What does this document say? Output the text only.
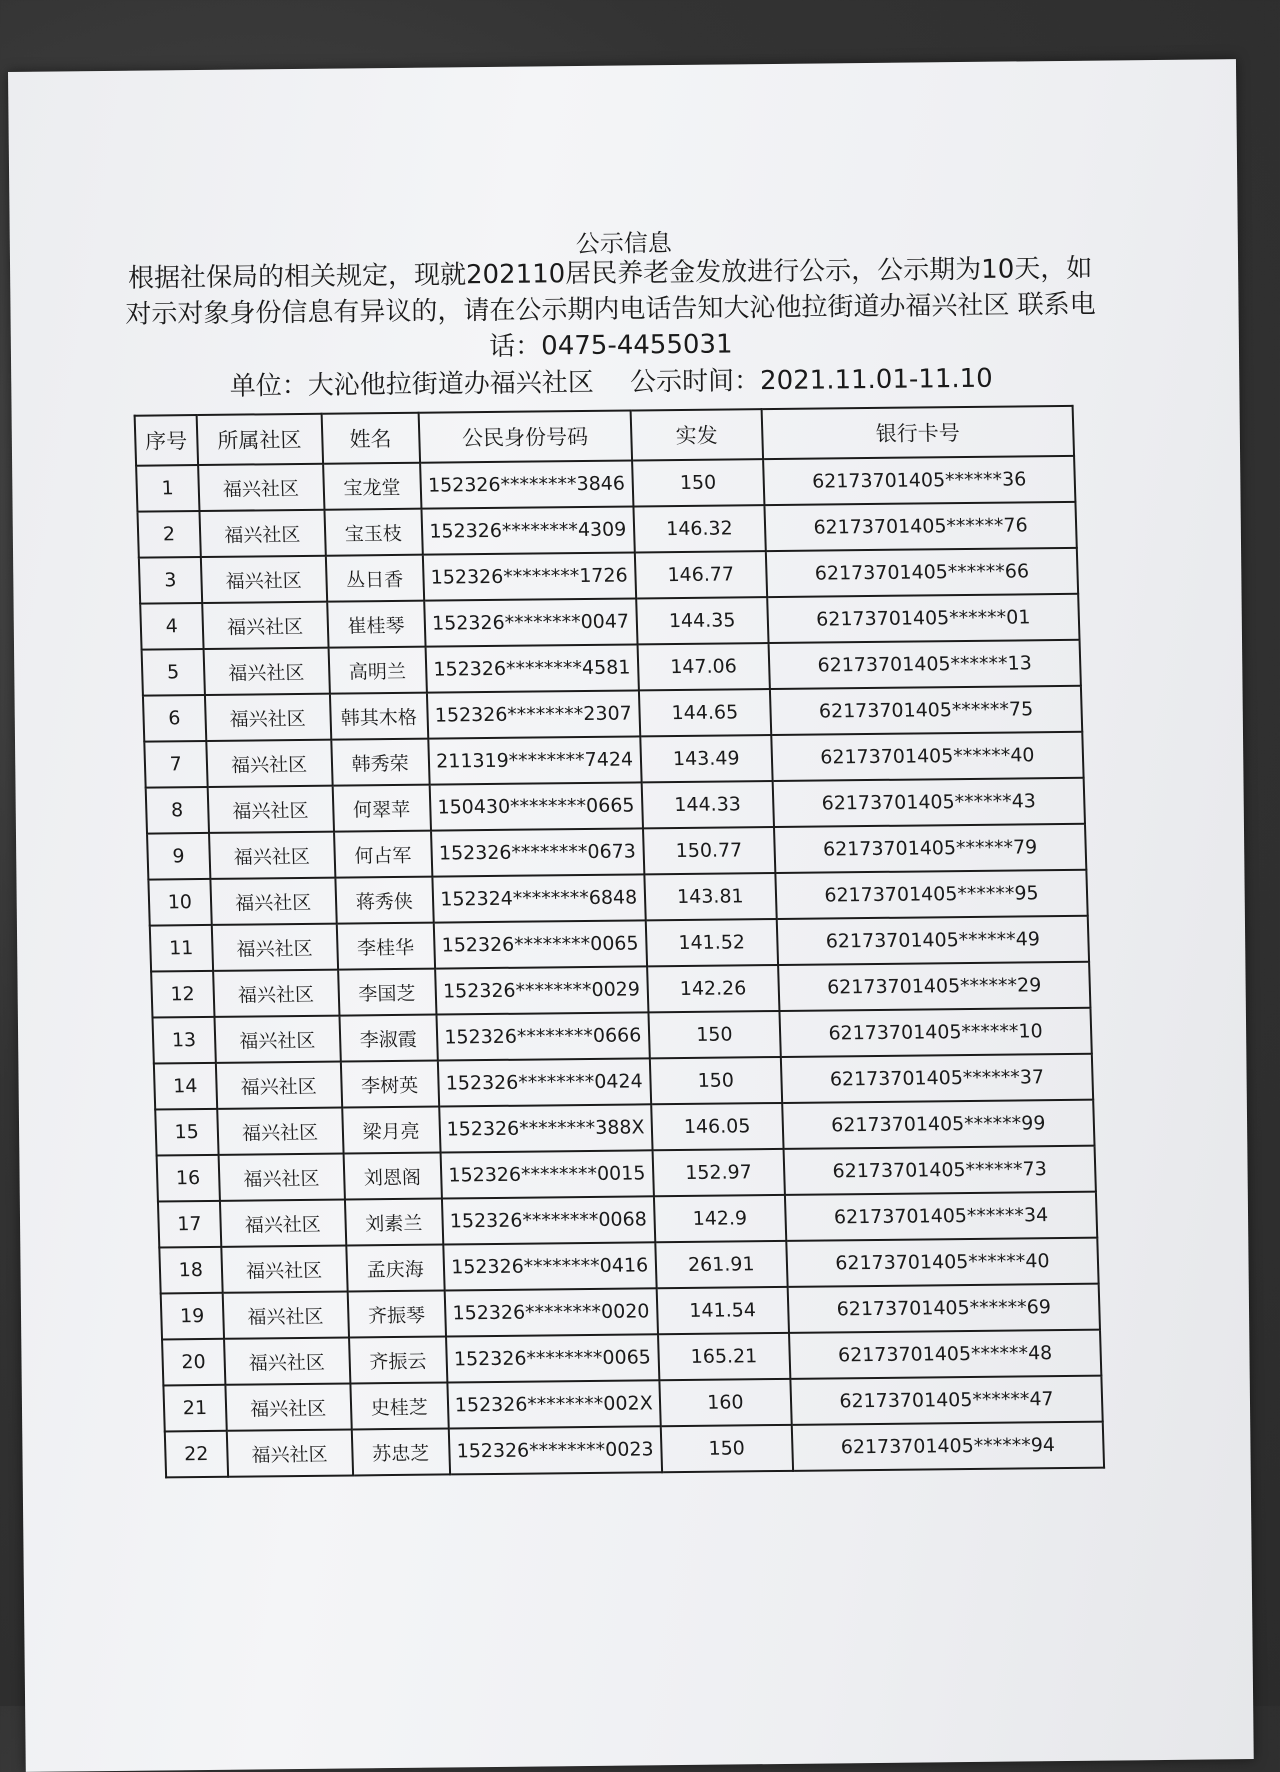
公示信息
根据社保局的相关规定，现就202110居民养老金发放进行公示，公示期为10天，如对示对象身份信息有异议的，请在公示期内电话告知大沁他拉街道办福兴社区 联系电话：0475-4455031
单位：大沁他拉街道办福兴社区 公示时间：2021.11.01-11.10
序号	所属社区	姓名	公民身份号码	实发	银行卡号
1	福兴社区	宝龙堂	152326********3846	150	62173701405******36
2	福兴社区	宝玉枝	152326********4309	146.32	62173701405******76
3	福兴社区	丛日香	152326********1726	146.77	62173701405******66
4	福兴社区	崔桂琴	152326********0047	144.35	62173701405******01
5	福兴社区	高明兰	152326********4581	147.06	62173701405******13
6	福兴社区	韩其木格	152326********2307	144.65	62173701405******75
7	福兴社区	韩秀荣	211319********7424	143.49	62173701405******40
8	福兴社区	何翠苹	150430********0665	144.33	62173701405******43
9	福兴社区	何占军	152326********0673	150.77	62173701405******79
10	福兴社区	蒋秀侠	152324********6848	143.81	62173701405******95
11	福兴社区	李桂华	152326********0065	141.52	62173701405******49
12	福兴社区	李国芝	152326********0029	142.26	62173701405******29
13	福兴社区	李淑霞	152326********0666	150	62173701405******10
14	福兴社区	李树英	152326********0424	150	62173701405******37
15	福兴社区	梁月亮	152326********388X	146.05	62173701405******99
16	福兴社区	刘恩阁	152326********0015	152.97	62173701405******73
17	福兴社区	刘素兰	152326********0068	142.9	62173701405******34
18	福兴社区	孟庆海	152326********0416	261.91	62173701405******40
19	福兴社区	齐振琴	152326********0020	141.54	62173701405******69
20	福兴社区	齐振云	152326********0065	165.21	62173701405******48
21	福兴社区	史桂芝	152326********002X	160	62173701405******47
22	福兴社区	苏忠芝	152326********0023	150	62173701405******94
